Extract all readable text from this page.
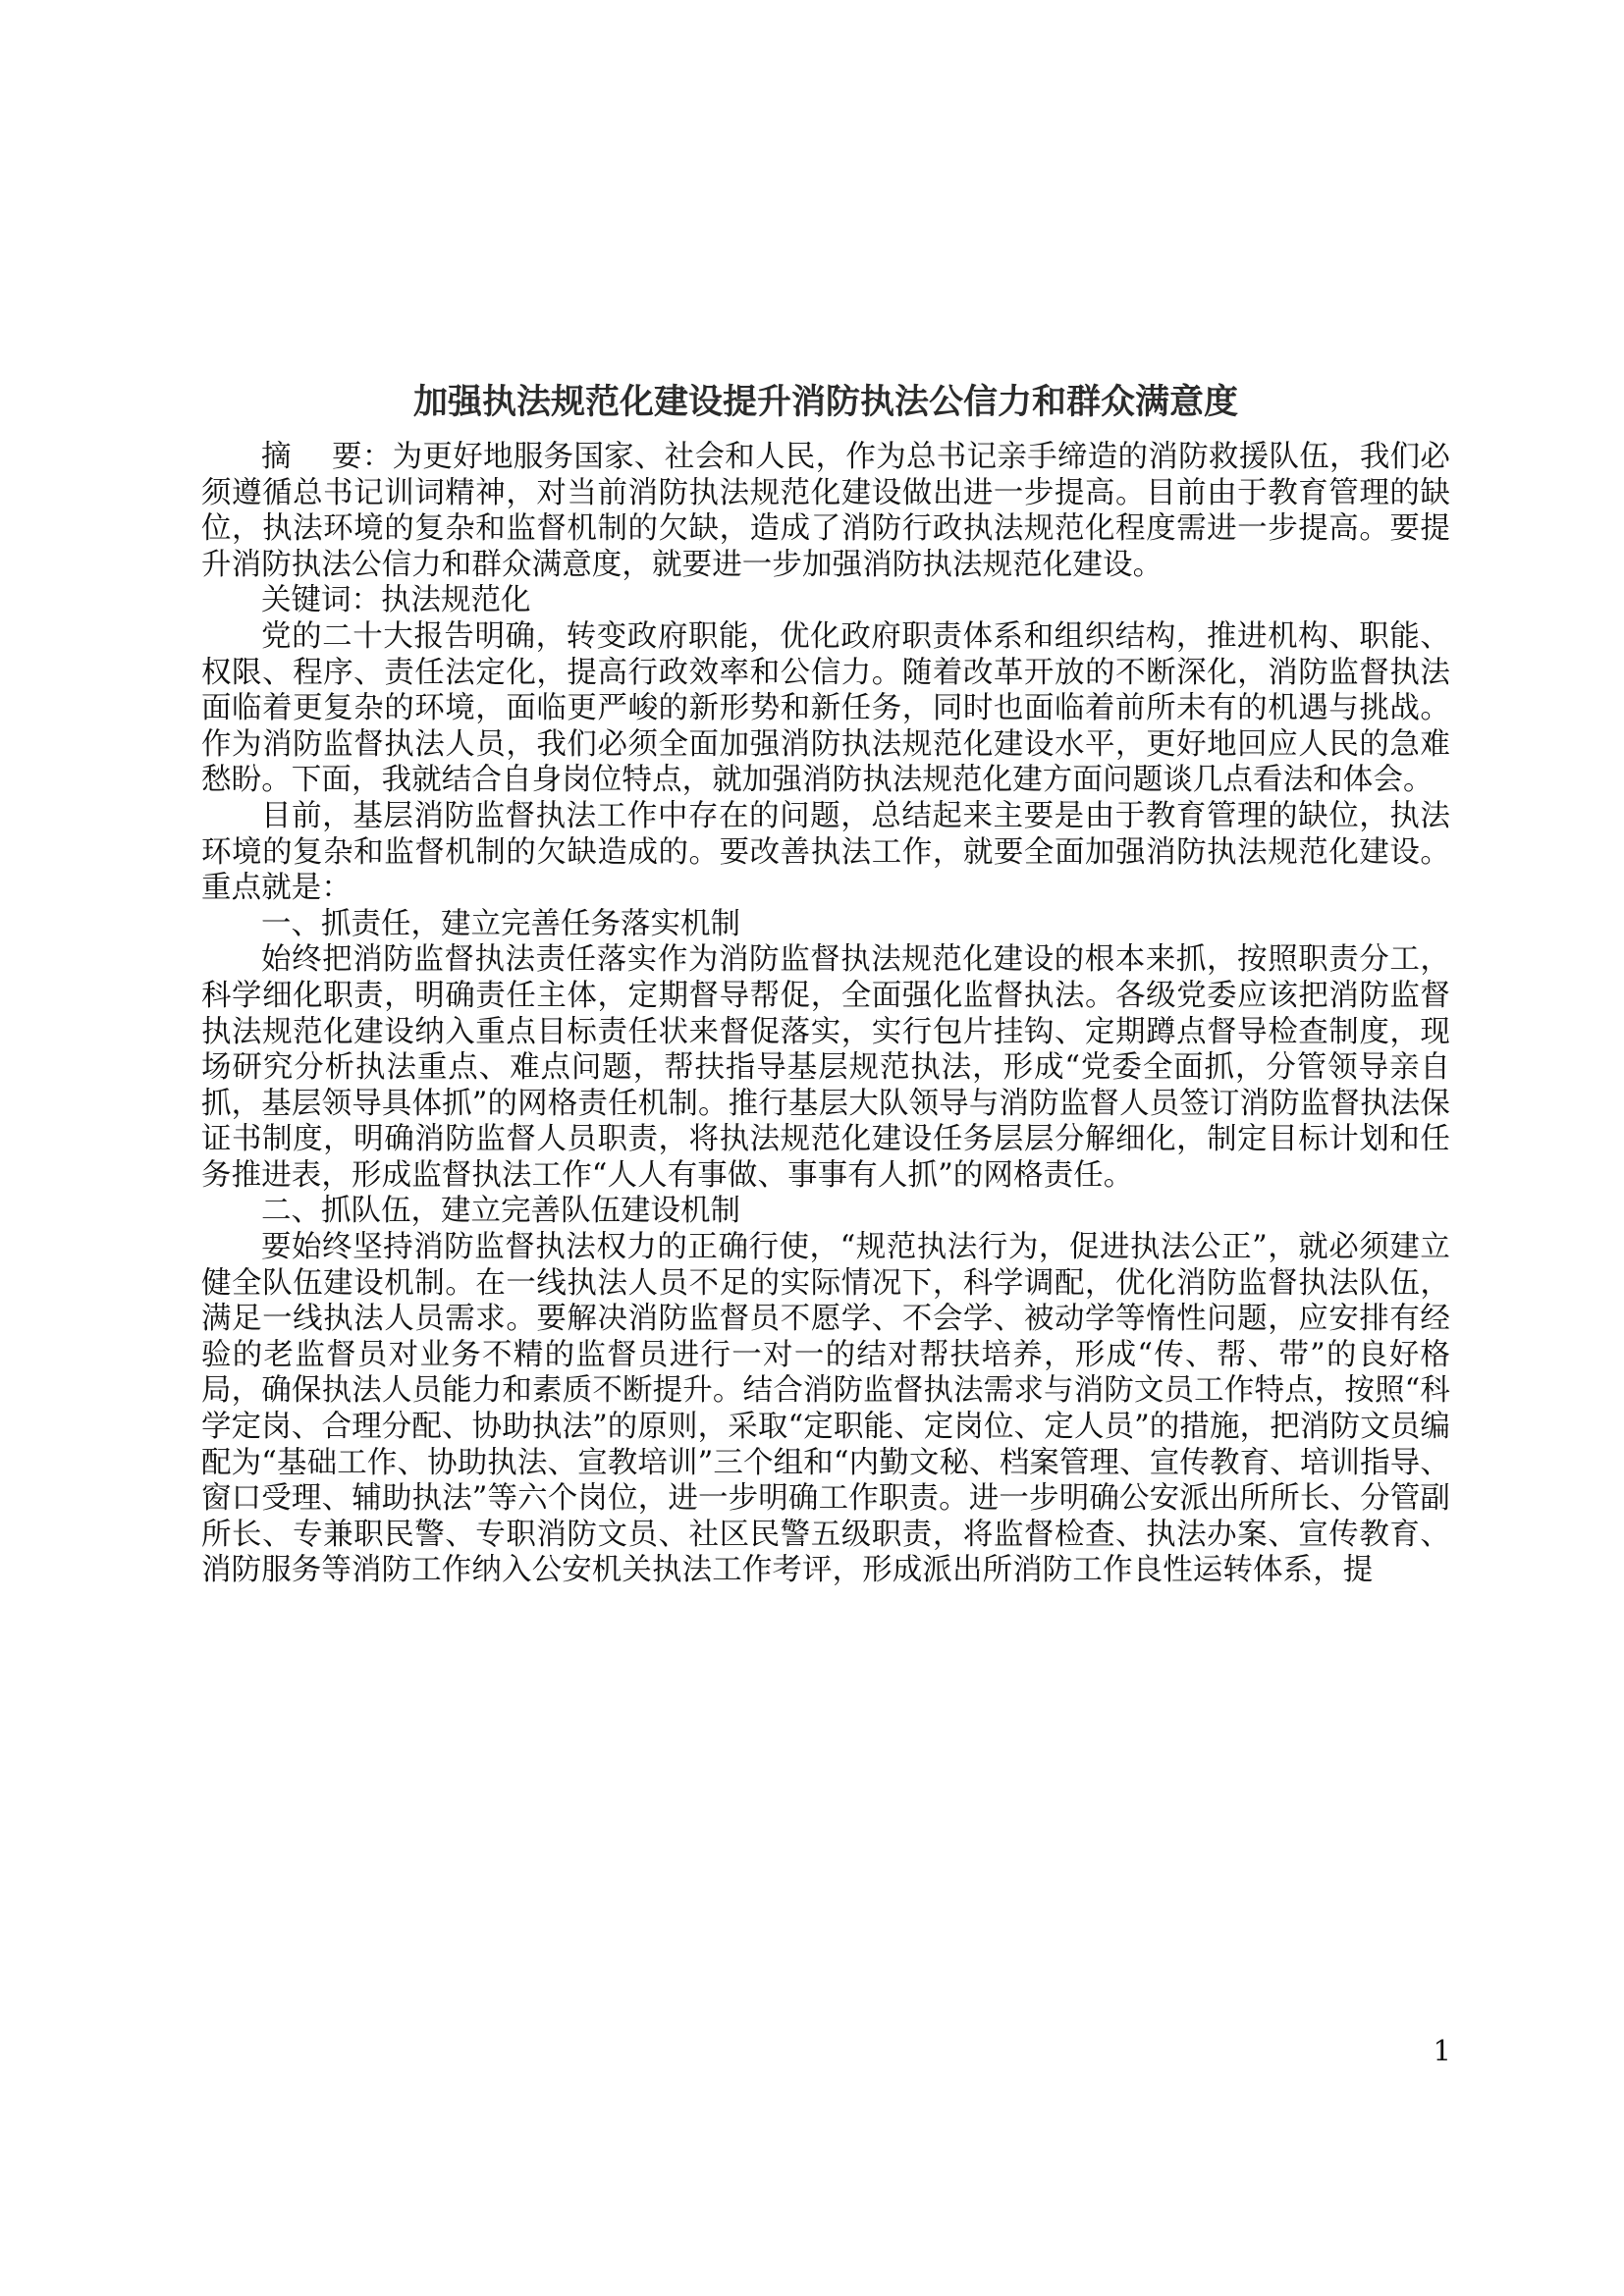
加强执法规范化建设提升消防执法公信力和群众满意度

摘 要：为更好地服务国家、社会和人民，作为总书记亲手缔造的消防救援队伍，我们必须遵循总书记训词精神，对当前消防执法规范化建设做出进一步提高。目前由于教育管理的缺位，执法环境的复杂和监督机制的欠缺，造成了消防行政执法规范化程度需进一步提高。要提升消防执法公信力和群众满意度，就要进一步加强消防执法规范化建设。

关键词：执法规范化

党的二十大报告明确，转变政府职能，优化政府职责体系和组织结构，推进机构、职能、权限、程序、责任法定化，提高行政效率和公信力。随着改革开放的不断深化，消防监督执法面临着更复杂的环境，面临更严峻的新形势和新任务，同时也面临着前所未有的机遇与挑战。作为消防监督执法人员，我们必须全面加强消防执法规范化建设水平，更好地回应人民的急难愁盼。下面，我就结合自身岗位特点，就加强消防执法规范化建方面问题谈几点看法和体会。

目前，基层消防监督执法工作中存在的问题，总结起来主要是由于教育管理的缺位，执法环境的复杂和监督机制的欠缺造成的。要改善执法工作，就要全面加强消防执法规范化建设。重点就是：

一、抓责任，建立完善任务落实机制

始终把消防监督执法责任落实作为消防监督执法规范化建设的根本来抓，按照职责分工，科学细化职责，明确责任主体，定期督导帮促，全面强化监督执法。各级党委应该把消防监督执法规范化建设纳入重点目标责任状来督促落实，实行包片挂钩、定期蹲点督导检查制度，现场研究分析执法重点、难点问题，帮扶指导基层规范执法，形成“党委全面抓，分管领导亲自抓，基层领导具体抓”的网格责任机制。推行基层大队领导与消防监督人员签订消防监督执法保证书制度，明确消防监督人员职责，将执法规范化建设任务层层分解细化，制定目标计划和任务推进表，形成监督执法工作“人人有事做、事事有人抓”的网格责任。

二、抓队伍，建立完善队伍建设机制

要始终坚持消防监督执法权力的正确行使，“规范执法行为，促进执法公正”，就必须建立健全队伍建设机制。在一线执法人员不足的实际情况下，科学调配，优化消防监督执法队伍，满足一线执法人员需求。要解决消防监督员不愿学、不会学、被动学等惰性问题，应安排有经验的老监督员对业务不精的监督员进行一对一的结对帮扶培养，形成“传、帮、带”的良好格局，确保执法人员能力和素质不断提升。结合消防监督执法需求与消防文员工作特点，按照“科学定岗、合理分配、协助执法”的原则，采取“定职能、定岗位、定人员”的措施，把消防文员编配为“基础工作、协助执法、宣教培训”三个组和“内勤文秘、档案管理、宣传教育、培训指导、窗口受理、辅助执法”等六个岗位，进一步明确工作职责。进一步明确公安派出所所长、分管副所长、专兼职民警、专职消防文员、社区民警五级职责，将监督检查、执法办案、宣传教育、消防服务等消防工作纳入公安机关执法工作考评，形成派出所消防工作良性运转体系，提

1
